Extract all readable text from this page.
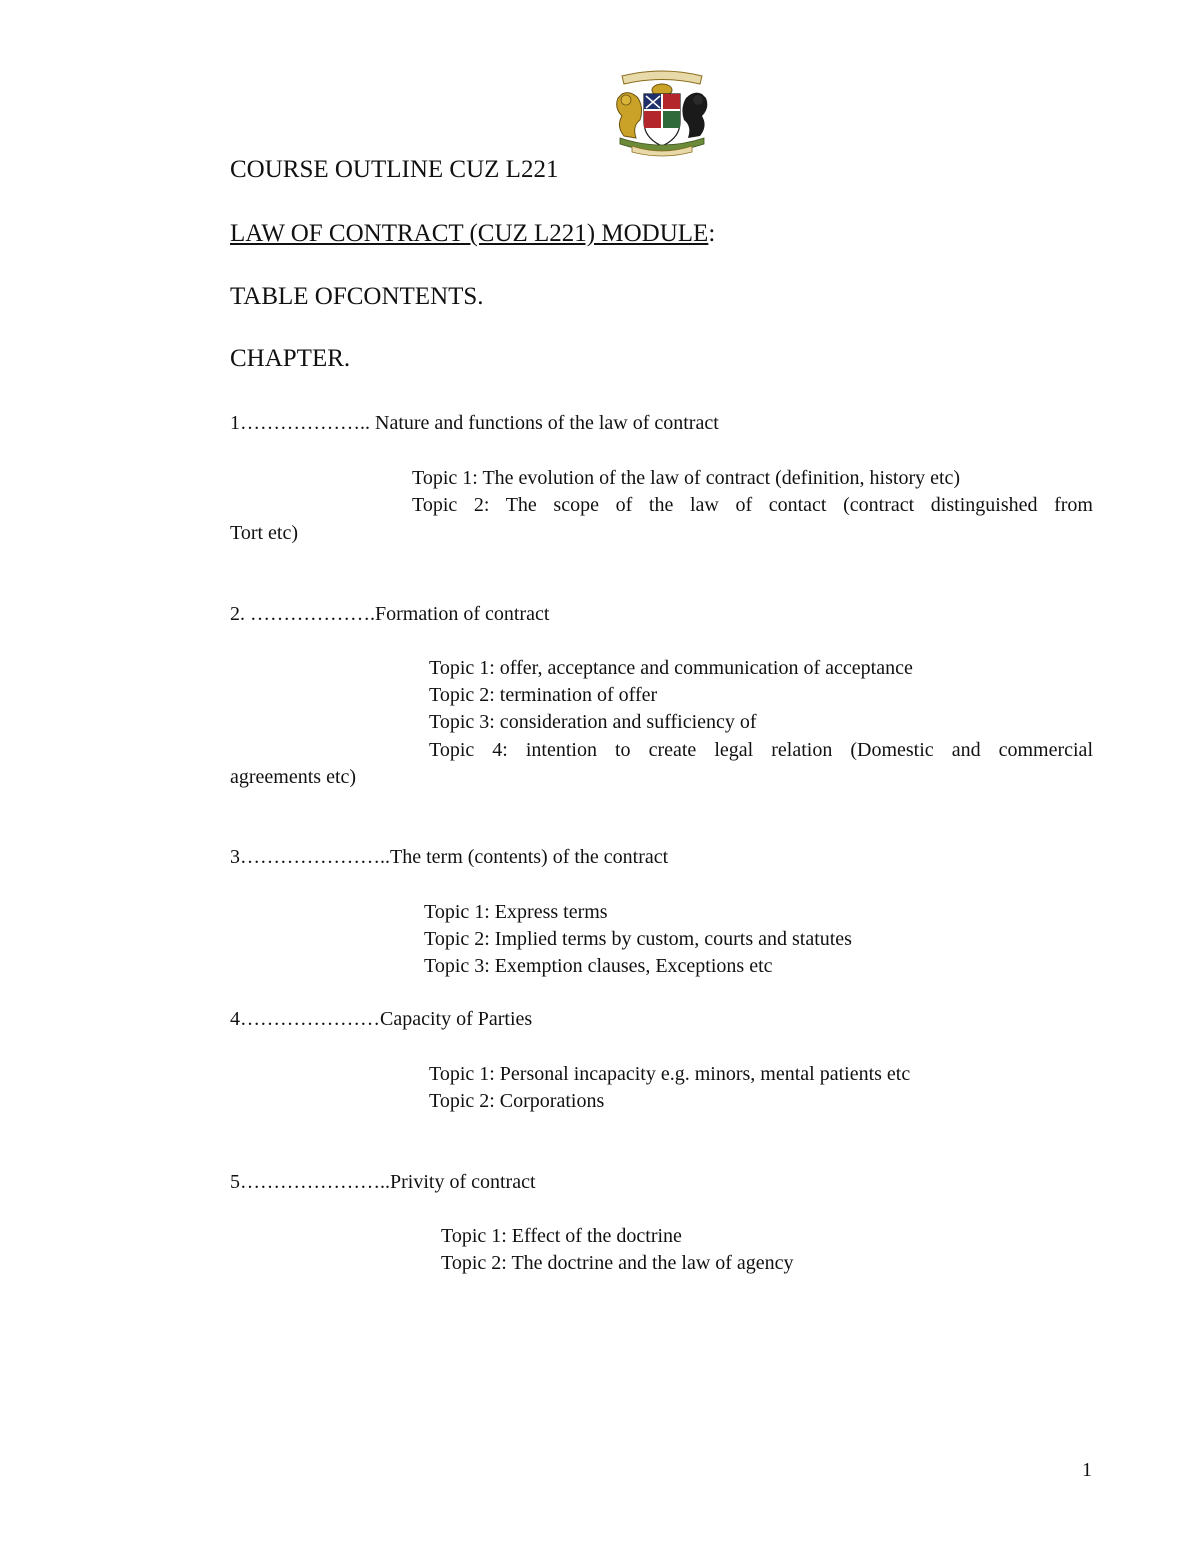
COURSE OUTLINE CUZ L221
LAW OF CONTRACT (CUZ L221) MODULE:
TABLE OFCONTENTS.
CHAPTER.
1……………….. Nature and functions of the law of contract
Topic 1: The evolution of the law of contract (definition, history etc)
Topic 2: The scope of the law of contact (contract distinguished from
Tort etc)
2. ……………….Formation of contract
Topic 1: offer, acceptance and communication of acceptance
Topic 2: termination of offer
Topic 3: consideration and sufficiency of
Topic 4: intention to create legal relation (Domestic and commercial
agreements etc)
3…………………..The term (contents) of the contract
Topic 1: Express terms
Topic 2: Implied terms by custom, courts and statutes
Topic 3: Exemption clauses, Exceptions etc
4…………………Capacity of Parties
Topic 1: Personal incapacity e.g. minors, mental patients etc
Topic 2: Corporations
5…………………..Privity of contract
Topic 1: Effect of the doctrine
Topic 2: The doctrine and the law of agency
1
